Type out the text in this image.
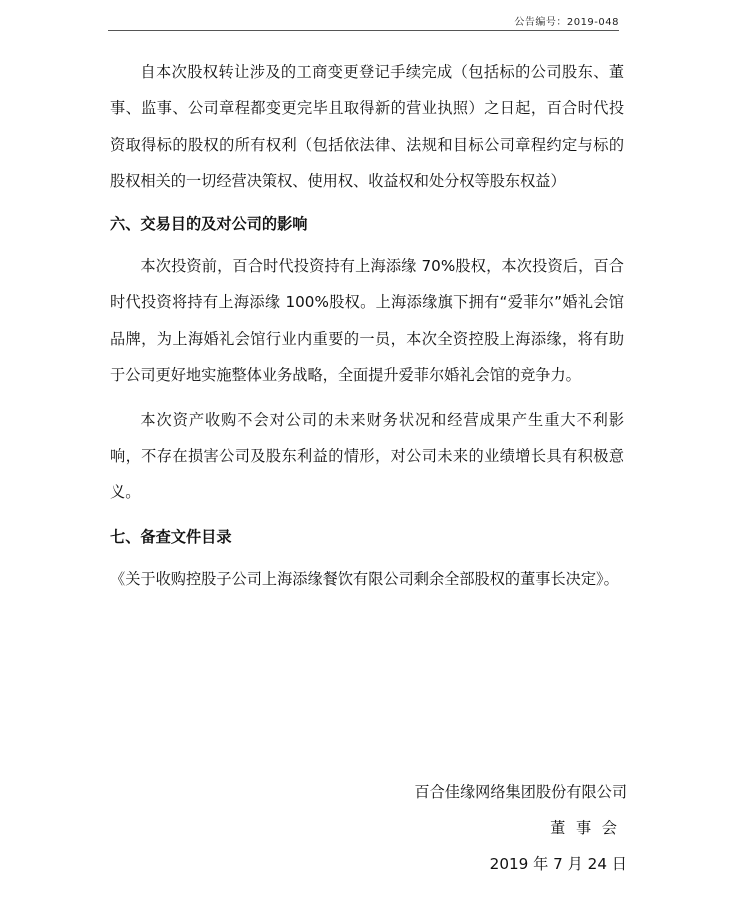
公告编号：2019-048

自本次股权转让涉及的工商变更登记手续完成（包括标的公司股东、董事、监事、公司章程都变更完毕且取得新的营业执照）之日起，百合时代投资取得标的股权的所有权利（包括依法律、法规和目标公司章程约定与标的股权相关的一切经营决策权、使用权、收益权和处分权等股东权益）

六、交易目的及对公司的影响

本次投资前，百合时代投资持有上海添缘 70%股权，本次投资后，百合时代投资将持有上海添缘 100%股权。上海添缘旗下拥有“爱菲尔”婚礼会馆品牌，为上海婚礼会馆行业内重要的一员，本次全资控股上海添缘，将有助于公司更好地实施整体业务战略，全面提升爱菲尔婚礼会馆的竞争力。

本次资产收购不会对公司的未来财务状况和经营成果产生重大不利影响，不存在损害公司及股东利益的情形，对公司未来的业绩增长具有积极意义。

七、备查文件目录

《关于收购控股子公司上海添缘餐饮有限公司剩余全部股权的董事长决定》。

百合佳缘网络集团股份有限公司
董事会
2019 年 7 月 24 日
